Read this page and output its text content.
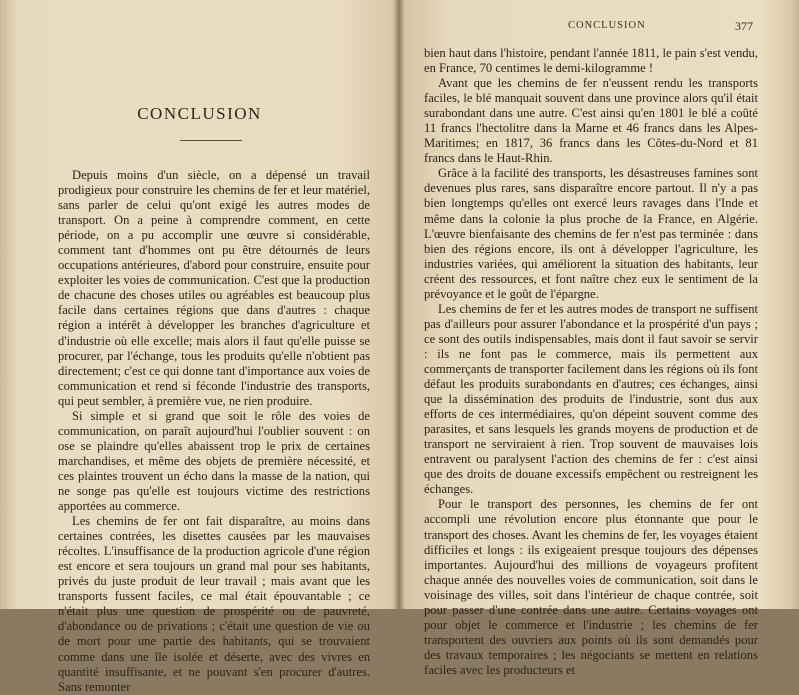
CONCLUSION

Depuis moins d'un siècle, on a dépensé un travail prodigieux pour construire les chemins de fer et leur matériel, sans parler de celui qu'ont exigé les autres modes de transport. On a peine à comprendre comment, en cette période, on a pu accomplir une œuvre si considérable, comment tant d'hommes ont pu être détournés de leurs occupations antérieures, d'abord pour construire, ensuite pour exploiter les voies de communication. C'est que la production de chacune des choses utiles ou agréables est beaucoup plus facile dans certaines régions que dans d'autres : chaque région a intérêt à développer les branches d'agriculture et d'industrie où elle excelle; mais alors il faut qu'elle puisse se procurer, par l'échange, tous les produits qu'elle n'obtient pas directement; c'est ce qui donne tant d'importance aux voies de communication et rend si féconde l'industrie des transports, qui peut sembler, à première vue, ne rien produire.

Si simple et si grand que soit le rôle des voies de communication, on paraît aujourd'hui l'oublier souvent : on ose se plaindre qu'elles abaissent trop le prix de certaines marchandises, et même des objets de première nécessité, et ces plaintes trouvent un écho dans la masse de la nation, qui ne songe pas qu'elle est toujours victime des restrictions apportées au commerce.

Les chemins de fer ont fait disparaître, au moins dans certaines contrées, les disettes causées par les mauvaises récoltes. L'insuffisance de la production agricole d'une région est encore et sera toujours un grand mal pour ses habitants, privés du juste produit de leur travail ; mais avant que les transports fussent faciles, ce mal était épouvantable ; ce n'était plus une question de prospérité ou de pauvreté, d'abondance ou de privations ; c'était une question de vie ou de mort pour une partie des habitants, qui se trouvaient comme dans une île isolée et déserte, avec des vivres en quantité insuffisante, et ne pouvant s'en procurer d'autres. Sans remonter

CONCLUSION	377

bien haut dans l'histoire, pendant l'année 1811, le pain s'est vendu, en France, 70 centimes le demi-kilogramme !

Avant que les chemins de fer n'eussent rendu les transports faciles, le blé manquait souvent dans une province alors qu'il était surabondant dans une autre. C'est ainsi qu'en 1801 le blé a coûté 11 francs l'hectolitre dans la Marne et 46 francs dans les Alpes-Maritimes; en 1817, 36 francs dans les Côtes-du-Nord et 81 francs dans le Haut-Rhin.

Grâce à la facilité des transports, les désastreuses famines sont devenues plus rares, sans disparaître encore partout. Il n'y a pas bien longtemps qu'elles ont exercé leurs ravages dans l'Inde et même dans la colonie la plus proche de la France, en Algérie. L'œuvre bienfaisante des chemins de fer n'est pas terminée : dans bien des régions encore, ils ont à développer l'agriculture, les industries variées, qui améliorent la situation des habitants, leur créent des ressources, et font naître chez eux le sentiment de la prévoyance et le goût de l'épargne.

Les chemins de fer et les autres modes de transport ne suffisent pas d'ailleurs pour assurer l'abondance et la prospérité d'un pays ; ce sont des outils indispensables, mais dont il faut savoir se servir : ils ne font pas le commerce, mais ils permettent aux commerçants de transporter facilement dans les régions où ils font défaut les produits surabondants en d'autres; ces échanges, ainsi que la dissémination des produits de l'industrie, sont dus aux efforts de ces intermédiaires, qu'on dépeint souvent comme des parasites, et sans lesquels les grands moyens de production et de transport ne serviraient à rien. Trop souvent de mauvaises lois entravent ou paralysent l'action des chemins de fer : c'est ainsi que des droits de douane excessifs empêchent ou restreignent les échanges.

Pour le transport des personnes, les chemins de fer ont accompli une révolution encore plus étonnante que pour le transport des choses. Avant les chemins de fer, les voyages étaient difficiles et longs : ils exigeaient presque toujours des dépenses importantes. Aujourd'hui des millions de voyageurs profitent chaque année des nouvelles voies de communication, soit dans le voisinage des villes, soit dans l'intérieur de chaque contrée, soit pour passer d'une contrée dans une autre. Certains voyages ont pour objet le commerce et l'industrie ; les chemins de fer transportent des ouvriers aux points où ils sont demandés pour des travaux temporaires ; les négociants se mettent en relations faciles avec les producteurs et
